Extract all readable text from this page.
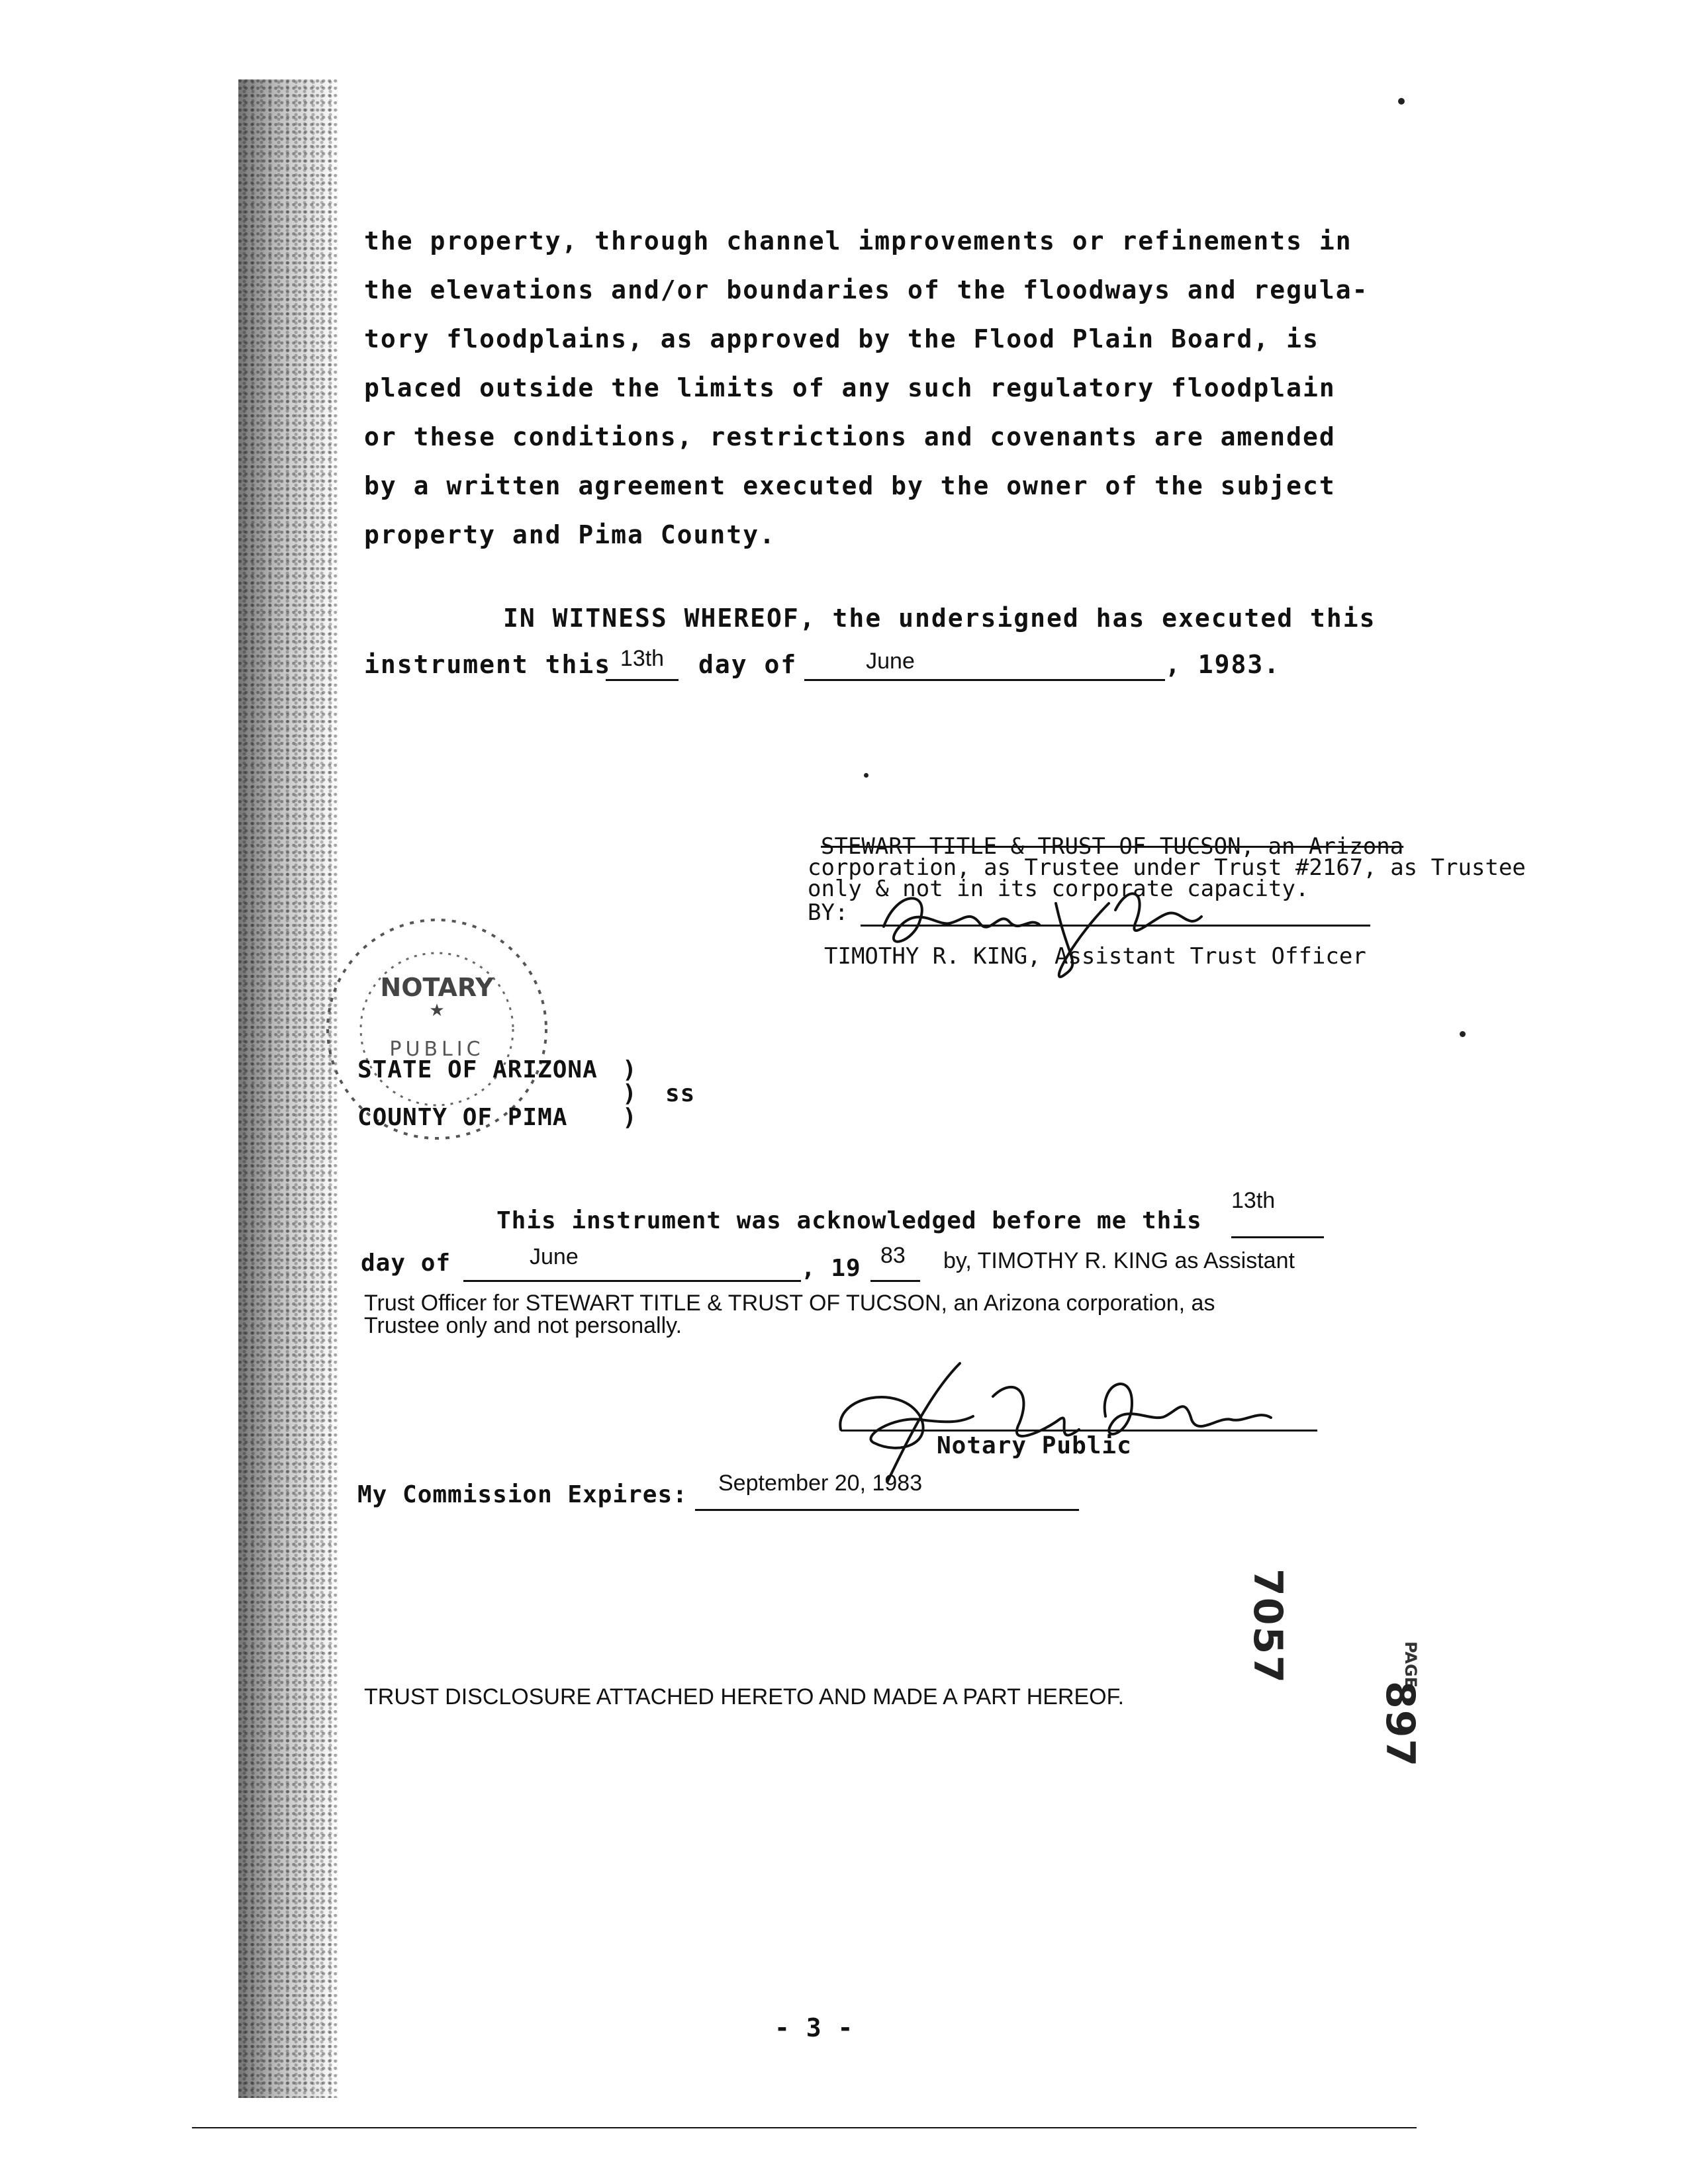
the property, through channel improvements or refinements in
the elevations and/or boundaries of the floodways and regula-
tory floodplains, as approved by the Flood Plain Board, is
placed outside the limits of any such regulatory floodplain
or these conditions, restrictions and covenants are amended
by a written agreement executed by the owner of the subject
property and Pima County.
IN WITNESS WHEREOF, the undersigned has executed this
instrument this 13th	day of	June	, 1983.
STEWART TITLE & TRUST OF TUCSON, an Arizona
corporation, as Trustee under Trust #2167, as Trustee
only & not in its corporate capacity.
BY:
TIMOTHY R. KING, Assistant Trust Officer
NOTARY
★
PUBLIC
STATE OF ARIZONA )
) ss
COUNTY OF PIMA )
This instrument was acknowledged before me this
13th
day of	June	, 19 83 by, TIMOTHY R. KING as Assistant
Trust Officer for STEWART TITLE & TRUST OF TUCSON, an Arizona corporation, as
Trustee only and not personally.
Notary Public
My Commission Expires: September 20, 1983
7057	PAGE
897
TRUST DISCLOSURE ATTACHED HERETO AND MADE A PART HEREOF.
- 3 -
